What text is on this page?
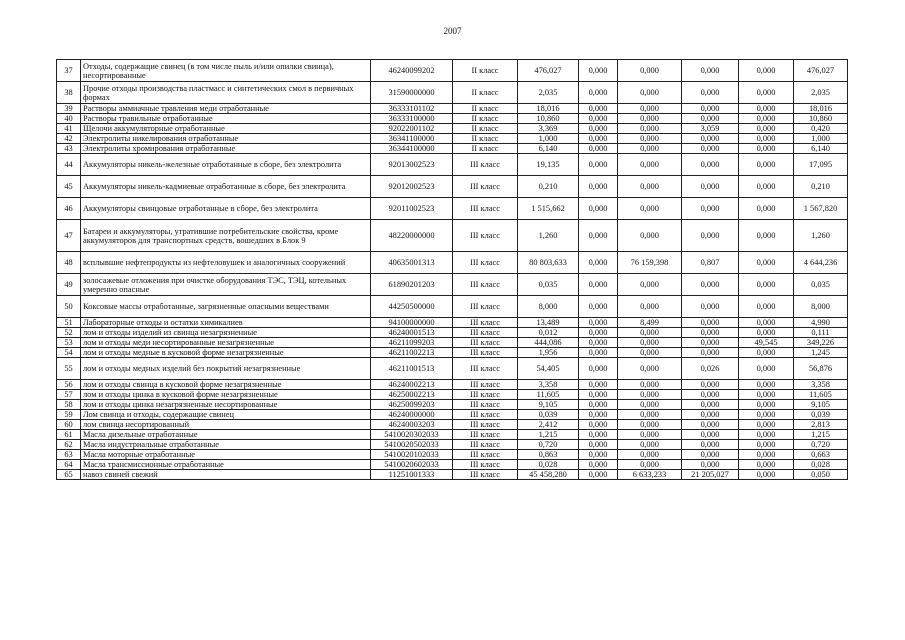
2007
37	Отходы, содержащие свинец (в том числе пыль и/или опилки свинца), несортированные	46240099202	II класс	476,027	0,000	0,000	0,000	0,000	476,027
38	Прочие отходы производства пластмасс и синтетических смол в первичных формах	31590000000	II класс	2,035	0,000	0,000	0,000	0,000	2,035
39	Растворы аммиачные травления меди отработанные	36333101102	II класс	18,016	0,000	0,000	0,000	0,000	18,016
40	Растворы травильные отработанные	36333100000	II класс	10,860	0,000	0,000	0,000	0,000	10,860
41	Щелочи аккумуляторные отработанные	92022001102	II класс	3,369	0,000	0,000	3,059	0,000	0,420
42	Электролиты никелирования отработанные	36341100000	II класс	1,000	0,000	0,000	0,000	0,000	1,000
43	Электролиты хромирования отработанные	36344100000	II класс	6,140	0,000	0,000	0,000	0,000	6,140
44	Аккумуляторы никель-железные отработанные в сборе, без электролита	92013002523	III класс	19,135	0,000	0,000	0,000	0,000	17,095
45	Аккумуляторы никель-кадмиевые отработанные в сборе, без электролита	92012002523	III класс	0,210	0,000	0,000	0,000	0,000	0,210
46	Аккумуляторы свинцовые отработанные в сборе, без электролита	92011002523	III класс	1 515,662	0,000	0,000	0,000	0,000	1 567,820
47	Батареи и аккумуляторы, утратившие потребительские свойства, кроме аккумуляторов для транспортных средств, вошедших в Блок 9	48220000000	III класс	1,260	0,000	0,000	0,000	0,000	1,260
48	всплывшие нефтепродукты из нефтеловушек и аналогичных сооружений	40635001313	III класс	80 803,633	0,000	76 159,398	0,807	0,000	4 644,236
49	золосажевые отложения при очистке оборудования ТЭС, ТЭЦ, котельных умеренно опасные	61890201203	III класс	0,035	0,000	0,000	0,000	0,000	0,035
50	Коксовые массы отработанные, загрязненные опасными веществами	44250500000	III класс	8,000	0,000	0,000	0,000	0,000	8,000
51	Лабораторные отходы и остатки химикалиев	94100000000	III класс	13,489	0,000	8,499	0,000	0,000	4,990
52	лом и отходы изделий из свинца незагрязненные	46240001513	III класс	0,012	0,000	0,000	0,000	0,000	0,111
53	лом и отходы меди несортированные незагрязненные	46211099203	III класс	444,086	0,000	0,000	0,000	49,545	349,226
54	лом и отходы медные в кусковой форме незагрязненные	46211002213	III класс	1,956	0,000	0,000	0,000	0,000	1,245
55	лом и отходы медных изделий без покрытий незагрязненные	46211001513	III класс	54,405	0,000	0,000	0,026	0,000	56,876
56	лом и отходы свинца в кусковой форме незагрязненные	46240002213	III класс	3,358	0,000	0,000	0,000	0,000	3,358
57	лом и отходы цинка в кусковой форме незагрязненные	46250002213	III класс	11,605	0,000	0,000	0,000	0,000	11,605
58	лом и отходы цинка незагрязненные несортированные	46250099203	III класс	9,105	0,000	0,000	0,000	0,000	9,105
59	Лом свинца и отходы, содержащие свинец	46240000000	III класс	0,039	0,000	0,000	0,000	0,000	0,039
60	лом свинца несортированный	46240003203	III класс	2,412	0,000	0,000	0,000	0,000	2,813
61	Масла дизельные отработанные	5410020302033	III класс	1,215	0,000	0,000	0,000	0,000	1,215
62	Масла индустриальные отработанные	5410020502033	III класс	0,720	0,000	0,000	0,000	0,000	0,720
63	Масла моторные отработанные	5410020102033	III класс	0,863	0,000	0,000	0,000	0,000	0,663
64	Масла трансмиссионные отработанные	5410020602033	III класс	0,028	0,000	0,000	0,000	0,000	0,028
65	навоз свиней свежий	11251001333	III класс	45 458,280	0,000	6 633,233	21 205,027	0,000	0,050
